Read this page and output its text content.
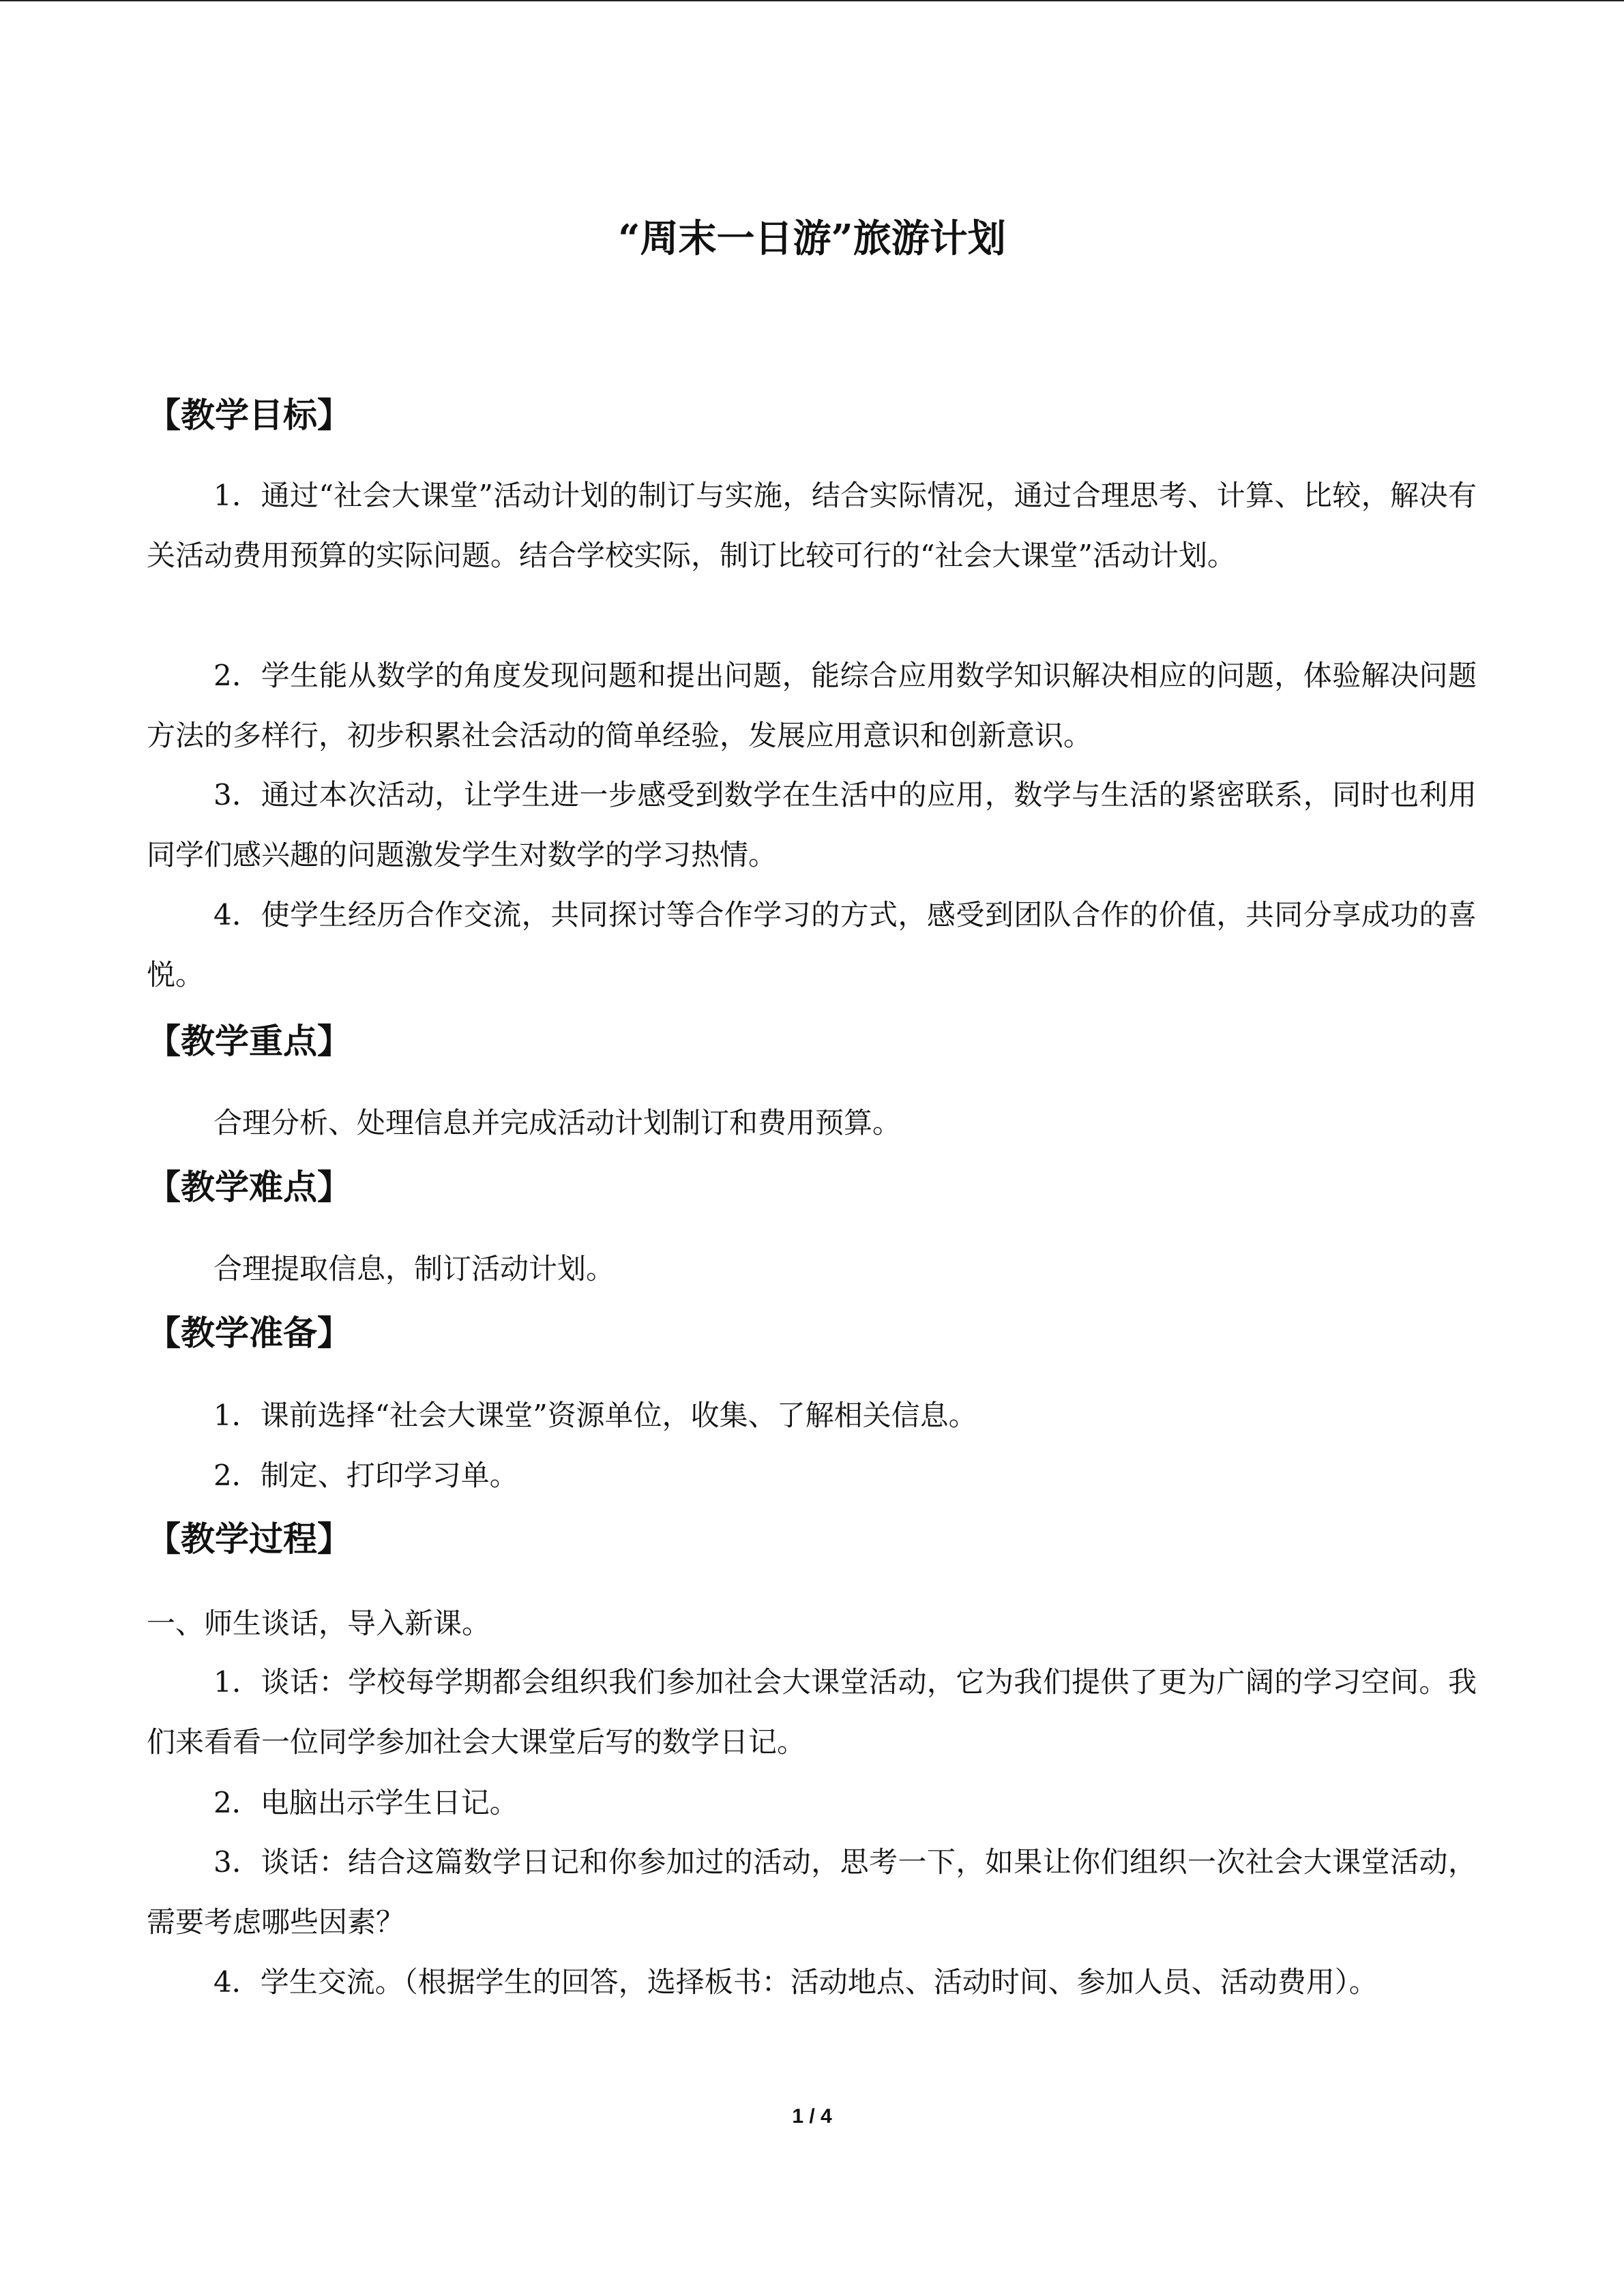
“周末一日游”旅游计划
【教学目标】

1．通过“社会大课堂”活动计划的制订与实施，结合实际情况，通过合理思考、计算、比较，解决有关活动费用预算的实际问题。结合学校实际，制订比较可行的“社会大课堂”活动计划。

2．学生能从数学的角度发现问题和提出问题，能综合应用数学知识解决相应的问题，体验解决问题方法的多样行，初步积累社会活动的简单经验，发展应用意识和创新意识。

3．通过本次活动，让学生进一步感受到数学在生活中的应用，数学与生活的紧密联系，同时也利用同学们感兴趣的问题激发学生对数学的学习热情。

4．使学生经历合作交流，共同探讨等合作学习的方式，感受到团队合作的价值，共同分享成功的喜悦。

【教学重点】

合理分析、处理信息并完成活动计划制订和费用预算。

【教学难点】

合理提取信息，制订活动计划。

【教学准备】

1．课前选择“社会大课堂”资源单位，收集、了解相关信息。

2．制定、打印学习单。

【教学过程】

一、师生谈话，导入新课。

1．谈话：学校每学期都会组织我们参加社会大课堂活动，它为我们提供了更为广阔的学习空间。我们来看看一位同学参加社会大课堂后写的数学日记。

2．电脑出示学生日记。

3．谈话：结合这篇数学日记和你参加过的活动，思考一下，如果让你们组织一次社会大课堂活动，需要考虑哪些因素？

4．学生交流。（根据学生的回答，选择板书：活动地点、活动时间、参加人员、活动费用）。

1 / 4
